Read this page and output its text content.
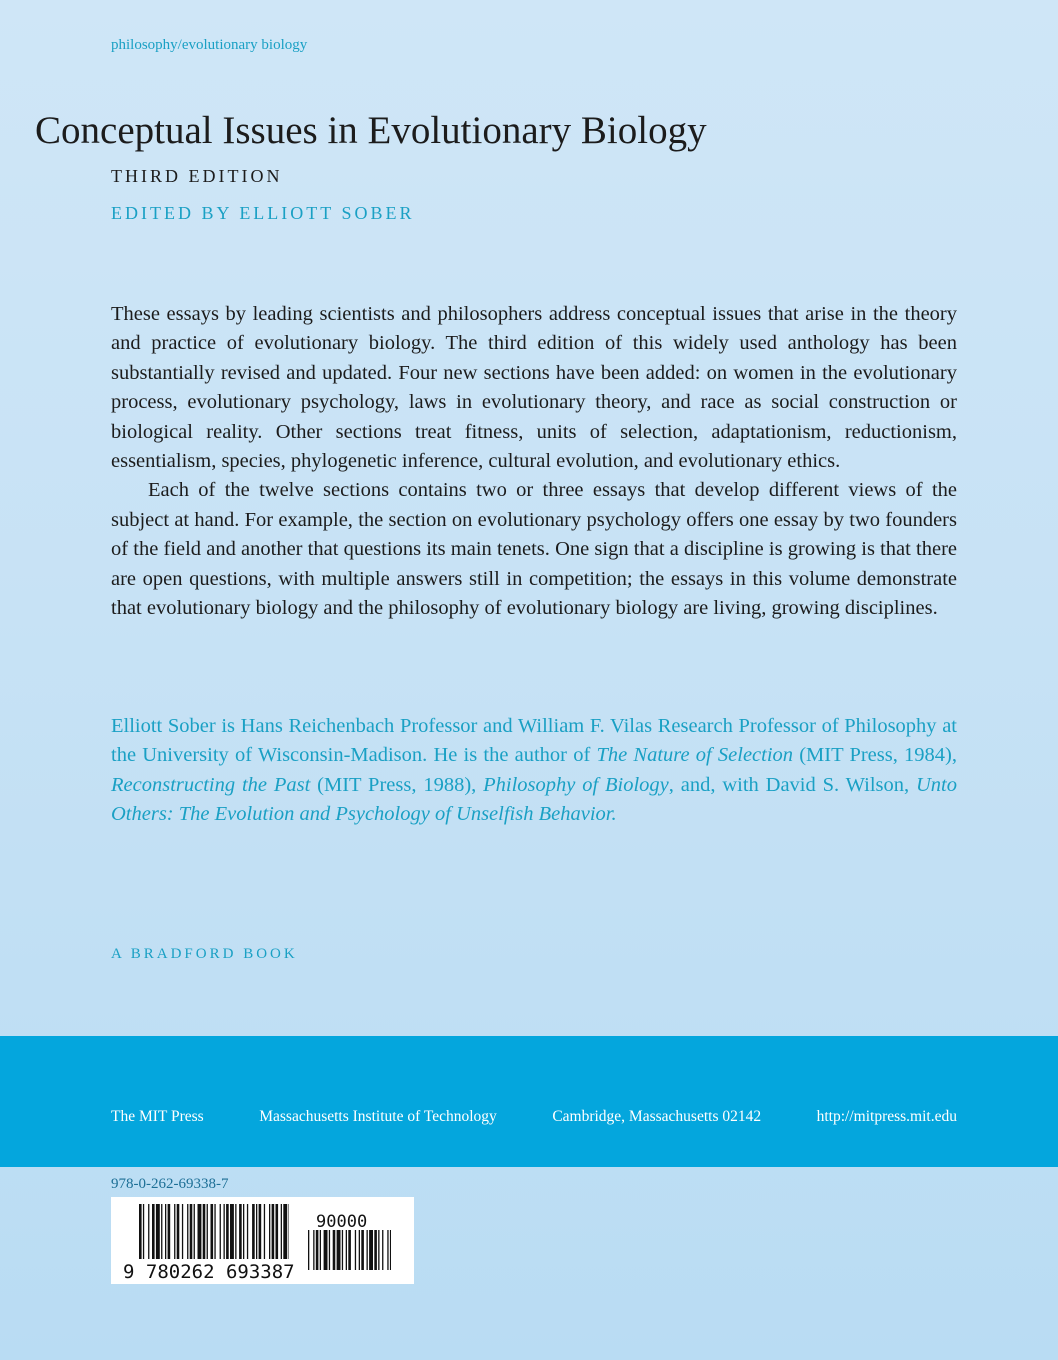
philosophy/evolutionary biology
Conceptual Issues in Evolutionary Biology
THIRD EDITION
EDITED BY ELLIOTT SOBER

These essays by leading scientists and philosophers address conceptual issues that arise in the theory and practice of evolutionary biology. The third edition of this widely used anthology has been substantially revised and updated. Four new sections have been added: on women in the evolutionary process, evolutionary psychology, laws in evolutionary theory, and race as social construction or biological reality. Other sections treat fitness, units of selection, adaptationism, reductionism, essentialism, species, phylogenetic inference, cultural evolution, and evolutionary ethics.

Each of the twelve sections contains two or three essays that develop different views of the subject at hand. For example, the section on evolutionary psychology offers one essay by two founders of the field and another that questions its main tenets. One sign that a discipline is growing is that there are open questions, with multiple answers still in competition; the essays in this volume demonstrate that evolutionary biology and the philosophy of evolutionary biology are living, growing disciplines.

Elliott Sober is Hans Reichenbach Professor and William F. Vilas Research Professor of Philosophy at the University of Wisconsin-Madison. He is the author of The Nature of Selection (MIT Press, 1984), Reconstructing the Past (MIT Press, 1988), Philosophy of Biology, and, with David S. Wilson, Unto Others: The Evolution and Psychology of Unselfish Behavior.
A BRADFORD BOOK
The MIT Press	Massachusetts Institute of Technology	Cambridge, Massachusetts 02142	http://mitpress.mit.edu
978-0-262-69338-7
9 780262 693387
90000
